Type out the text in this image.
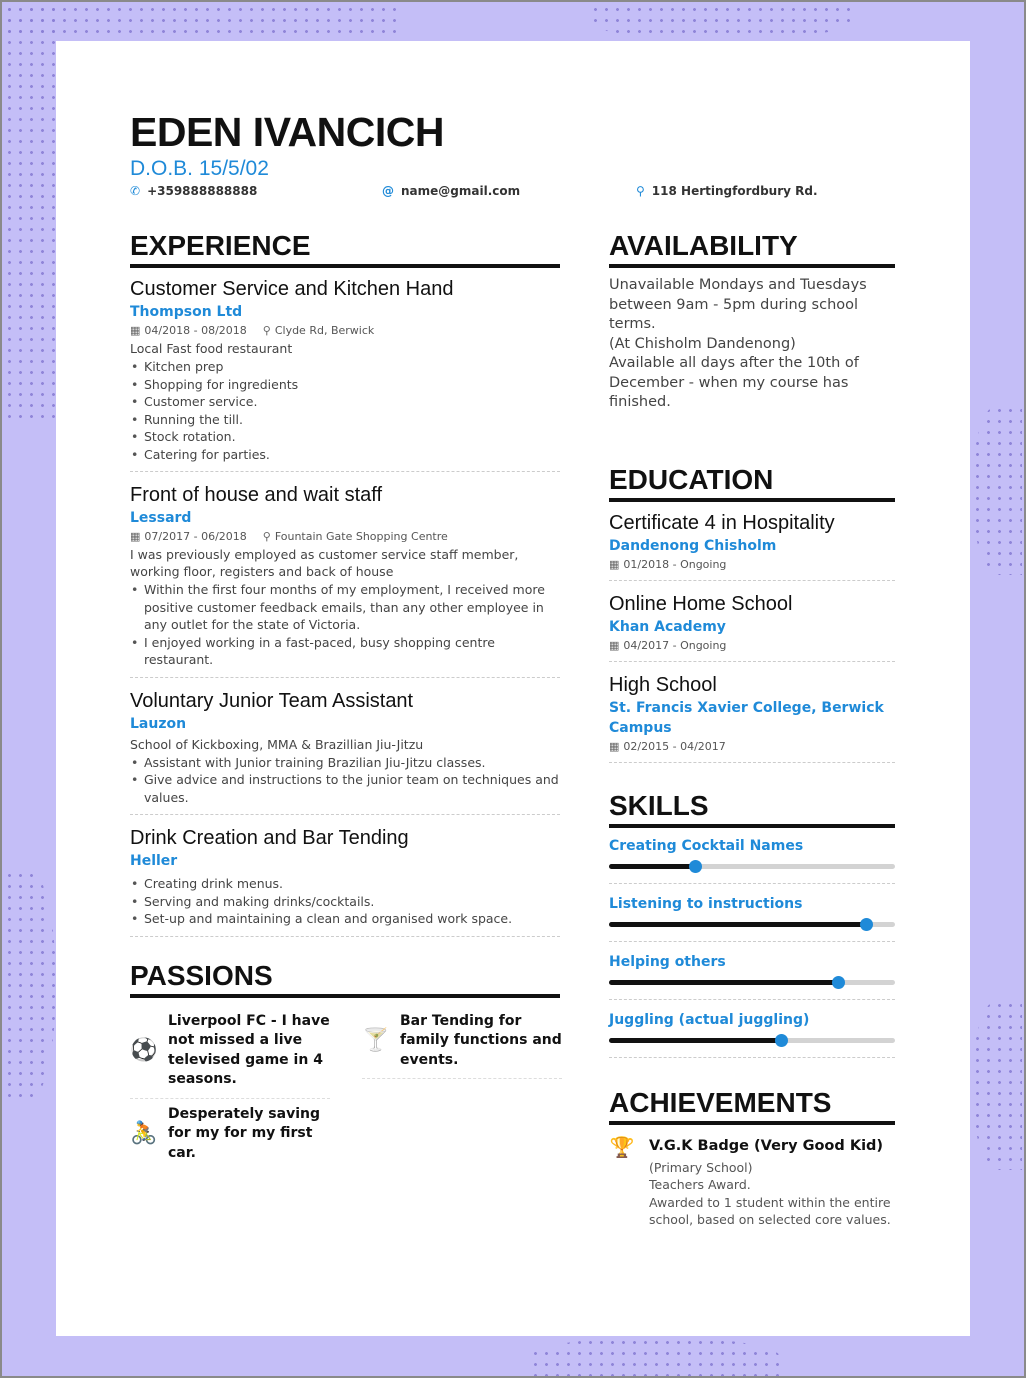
EDEN IVANCICH
D.O.B. 15/5/02
✆ +359888888888	@ name@gmail.com	⚲ 118 Hertingfordbury Rd.
EXPERIENCE
Customer Service and Kitchen Hand
Thompson Ltd
▦ 04/2018 - 08/2018 ⚲ Clyde Rd, Berwick
Local Fast food restaurant
• Kitchen prep
• Shopping for ingredients
• Customer service.
• Running the till.
• Stock rotation.
• Catering for parties.
Front of house and wait staff
Lessard
▦ 07/2017 - 06/2018 ⚲ Fountain Gate Shopping Centre
I was previously employed as customer service staff member, working floor, registers and back of house
• Within the first four months of my employment, I received more positive customer feedback emails, than any other employee in any outlet for the state of Victoria.
• I enjoyed working in a fast-paced, busy shopping centre restaurant.
Voluntary Junior Team Assistant
Lauzon
School of Kickboxing, MMA & Brazillian Jiu-Jitzu
• Assistant with Junior training Brazilian Jiu-Jitzu classes.
• Give advice and instructions to the junior team on techniques and values.
Drink Creation and Bar Tending
Heller
• Creating drink menus.
• Serving and making drinks/cocktails.
• Set-up and maintaining a clean and organised work space.
PASSIONS
⚽
Liverpool FC - I have not missed a live televised game in 4 seasons.
🍸
Bar Tending for family functions and events.
🚴
Desperately saving for my for my first car.
AVAILABILITY
Unavailable Mondays and Tuesdays
between 9am - 5pm during school terms.
(At Chisholm Dandenong)
Available all days after the 10th of
December - when my course has finished.
EDUCATION
Certificate 4 in Hospitality
Dandenong Chisholm
▦ 01/2018 - Ongoing
Online Home School
Khan Academy
▦ 04/2017 - Ongoing
High School
St. Francis Xavier College, Berwick Campus
▦ 02/2015 - 04/2017
SKILLS
Creating Cocktail Names
Listening to instructions
Helping others
Juggling (actual juggling)
ACHIEVEMENTS
🏆 V.G.K Badge (Very Good Kid)
(Primary School)
Teachers Award.
Awarded to 1 student within the entire school, based on selected core values.
